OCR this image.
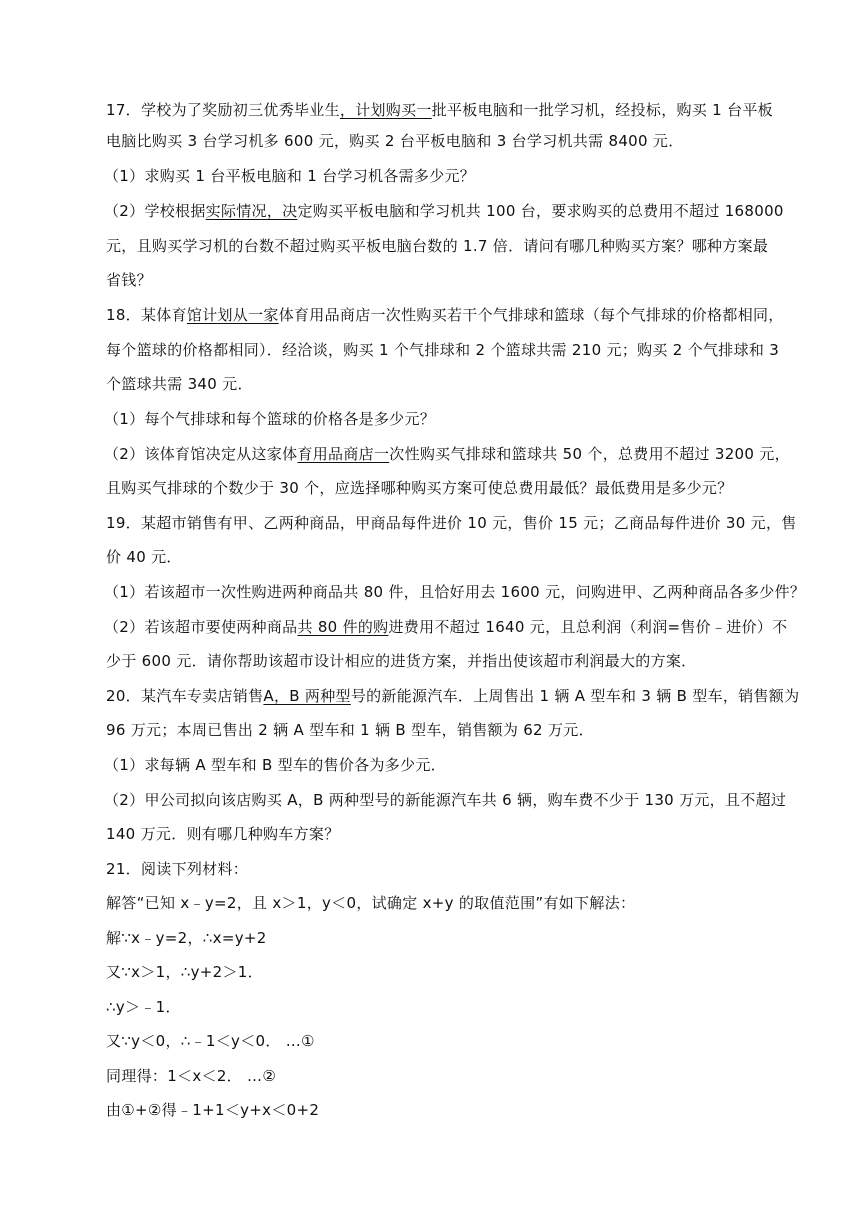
17．学校为了奖励初三优秀毕业生，计划购买一批平板电脑和一批学习机，经投标，购买 1 台平板
电脑比购买 3 台学习机多 600 元，购买 2 台平板电脑和 3 台学习机共需 8400 元．
（1）求购买 1 台平板电脑和 1 台学习机各需多少元？
（2）学校根据实际情况，决定购买平板电脑和学习机共 100 台，要求购买的总费用不超过 168000
元，且购买学习机的台数不超过购买平板电脑台数的 1.7 倍．请问有哪几种购买方案？哪种方案最
省钱？
18．某体育馆计划从一家体育用品商店一次性购买若干个气排球和篮球（每个气排球的价格都相同，
每个篮球的价格都相同）．经洽谈，购买 1 个气排球和 2 个篮球共需 210 元；购买 2 个气排球和 3
个篮球共需 340 元．
（1）每个气排球和每个篮球的价格各是多少元？
（2）该体育馆决定从这家体育用品商店一次性购买气排球和篮球共 50 个，总费用不超过 3200 元，
且购买气排球的个数少于 30 个，应选择哪种购买方案可使总费用最低？最低费用是多少元？
19．某超市销售有甲、乙两种商品，甲商品每件进价 10 元，售价 15 元；乙商品每件进价 30 元，售
价 40 元．
（1）若该超市一次性购进两种商品共 80 件，且恰好用去 1600 元，问购进甲、乙两种商品各多少件？
（2）若该超市要使两种商品共 80 件的购进费用不超过 1640 元，且总利润（利润=售价﹣进价）不
少于 600 元．请你帮助该超市设计相应的进货方案，并指出使该超市利润最大的方案．
20．某汽车专卖店销售A，B 两种型号的新能源汽车．上周售出 1 辆 A 型车和 3 辆 B 型车，销售额为
96 万元；本周已售出 2 辆 A 型车和 1 辆 B 型车，销售额为 62 万元．
（1）求每辆 A 型车和 B 型车的售价各为多少元．
（2）甲公司拟向该店购买 A，B 两种型号的新能源汽车共 6 辆，购车费不少于 130 万元，且不超过
140 万元．则有哪几种购车方案？
21．阅读下列材料：
解答“已知 x﹣y=2，且 x＞1，y＜0，试确定 x+y 的取值范围”有如下解法：
解∵x﹣y=2，∴x=y+2
又∵x＞1，∴y+2＞1．
∴y＞﹣1．
又∵y＜0，∴﹣1＜y＜0． …①
同理得：1＜x＜2． …②
由①+②得﹣1+1＜y+x＜0+2
